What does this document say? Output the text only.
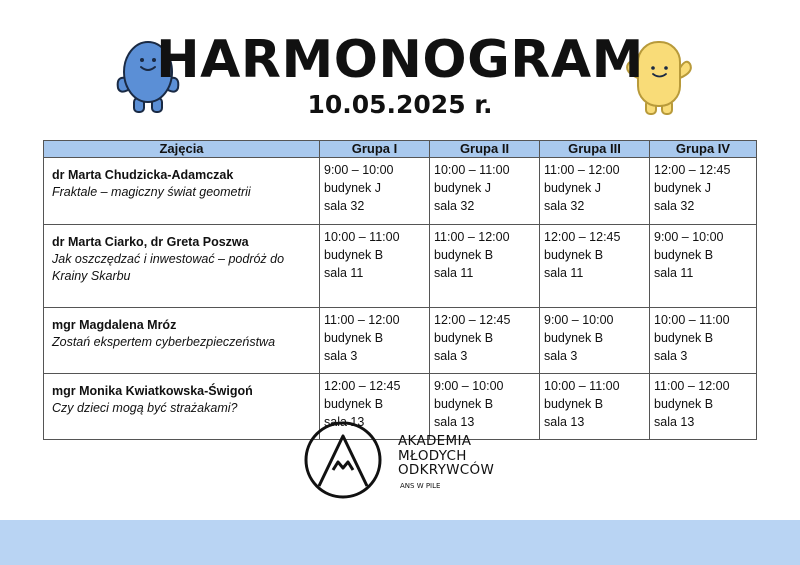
HARMONOGRAM
10.05.2025 r.
Zajęcia	Grupa I	Grupa II	Grupa III	Grupa IV

dr Marta Chudzicka-Adamczak
Fraktale – magiczny świat geometrii	9:00 – 10:00
budynek J
sala 32	10:00 – 11:00
budynek J
sala 32	11:00 – 12:00
budynek J
sala 32	12:00 – 12:45
budynek J
sala 32

dr Marta Ciarko, dr Greta Poszwa
Jak oszczędzać i inwestować – podróż do Krainy Skarbu	10:00 – 11:00
budynek B
sala 11	11:00 – 12:00
budynek B
sala 11	12:00 – 12:45
budynek B
sala 11	9:00 – 10:00
budynek B
sala 11

mgr Magdalena Mróz
Zostań ekspertem cyberbezpieczeństwa	11:00 – 12:00
budynek B
sala 3	12:00 – 12:45
budynek B
sala 3	9:00 – 10:00
budynek B
sala 3	10:00 – 11:00
budynek B
sala 3

mgr Monika Kwiatkowska-Świgoń
Czy dzieci mogą być strażakami?	12:00 – 12:45
budynek B
sala 13	9:00 – 10:00
budynek B
sala 13	10:00 – 11:00
budynek B
sala 13	11:00 – 12:00
budynek B
sala 13
AKADEMIA
MŁODYCH
ODKRYWCÓW
ANS W PILE
